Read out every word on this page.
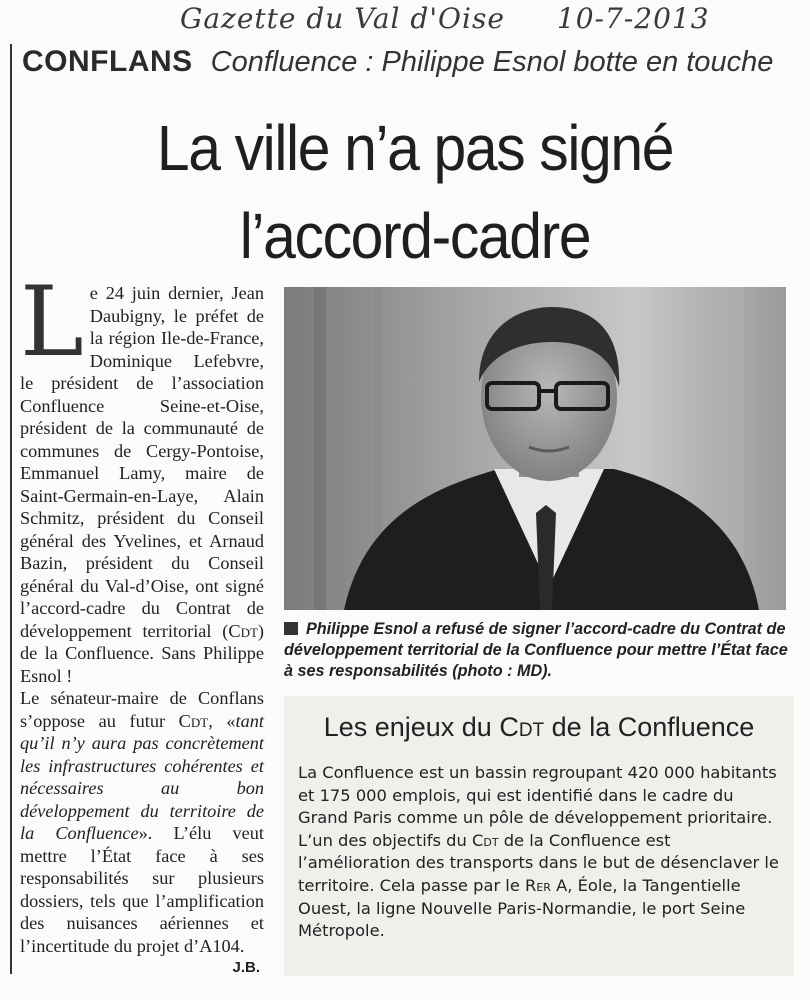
Gazette du Val d'Oise 10-7-2013
CONFLANS Confluence : Philippe Esnol botte en touche
La ville n’a pas signé
l’accord-cadre

Le 24 juin dernier, Jean Daubigny, le préfet de la région Ile-de-France, Dominique Lefebvre, le président de l’association Confluence Seine-et-Oise, président de la communauté de communes de Cergy-Pontoise, Emmanuel Lamy, maire de Saint-Germain-en-Laye, Alain Schmitz, président du Conseil général des Yvelines, et Arnaud Bazin, président du Conseil général du Val-d’Oise, ont signé l’accord-cadre du Contrat de développement territorial (Cdt) de la Confluence. Sans Philippe Esnol !

Le sénateur-maire de Conflans s’oppose au futur Cdt, «tant qu’il n’y aura pas concrètement les infrastructures cohérentes et nécessaires au bon développement du territoire de la Confluence». L’élu veut mettre l’État face à ses responsabilités sur plusieurs dossiers, tels que l’amplification des nuisances aériennes et l’incertitude du projet d’A104.
J.B.

Philippe Esnol a refusé de signer l’accord-cadre du Contrat de développement territorial de la Confluence pour mettre l’État face à ses responsabilités (photo : MD).
Les enjeux du Cdt de la Confluence
La Confluence est un bassin regroupant 420 000 habitants et 175 000 emplois, qui est identifié dans le cadre du Grand Paris comme un pôle de développement prioritaire. L’un des objectifs du Cdt de la Confluence est l’amélioration des transports dans le but de désenclaver le territoire. Cela passe par le Rer A, Éole, la Tangentielle Ouest, la ligne Nouvelle Paris-Normandie, le port Seine Métropole.
